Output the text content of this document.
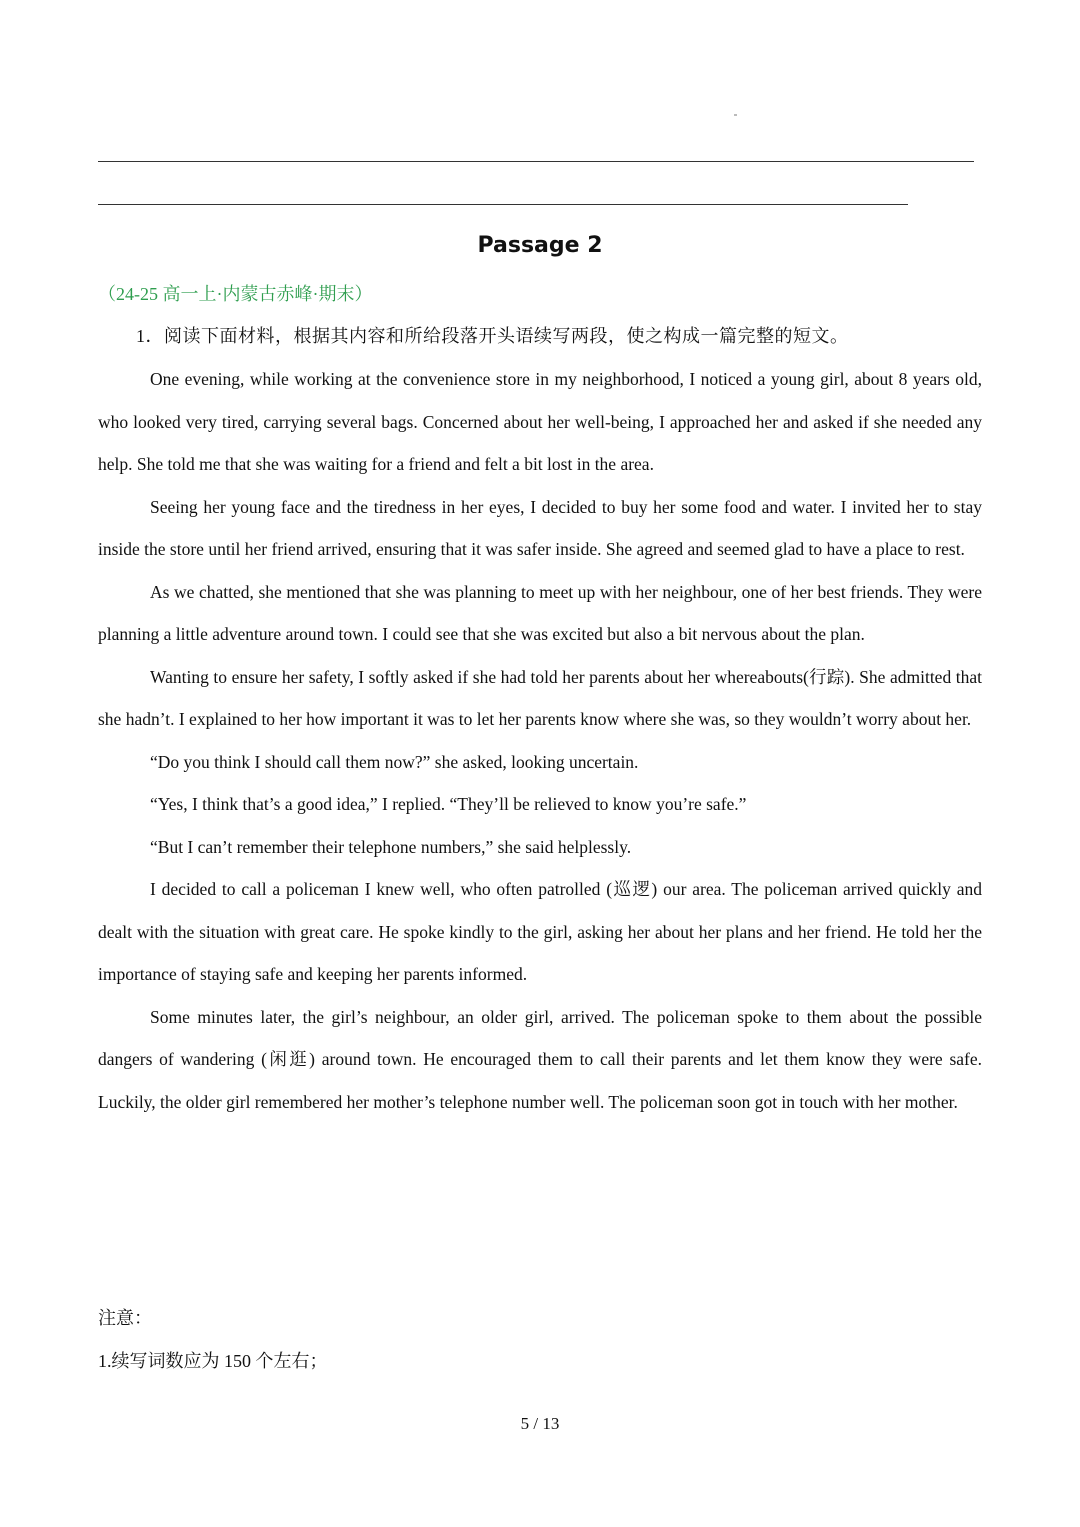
Passage 2
（24-25 高一上·内蒙古赤峰·期末）
1．阅读下面材料，根据其内容和所给段落开头语续写两段，使之构成一篇完整的短文。

One evening, while working at the convenience store in my neighborhood, I noticed a young girl, about 8 years old, who looked very tired, carrying several bags. Concerned about her well-being, I approached her and asked if she needed any help. She told me that she was waiting for a friend and felt a bit lost in the area.

Seeing her young face and the tiredness in her eyes, I decided to buy her some food and water. I invited her to stay inside the store until her friend arrived, ensuring that it was safer inside. She agreed and seemed glad to have a place to rest.

As we chatted, she mentioned that she was planning to meet up with her neighbour, one of her best friends. They were planning a little adventure around town. I could see that she was excited but also a bit nervous about the plan.

Wanting to ensure her safety, I softly asked if she had told her parents about her whereabouts(行踪). She admitted that she hadn’t. I explained to her how important it was to let her parents know where she was, so they wouldn’t worry about her.

“Do you think I should call them now?” she asked, looking uncertain.

“Yes, I think that’s a good idea,” I replied. “They’ll be relieved to know you’re safe.”

“But I can’t remember their telephone numbers,” she said helplessly.

I decided to call a policeman I knew well, who often patrolled (巡逻) our area. The policeman arrived quickly and dealt with the situation with great care. He spoke kindly to the girl, asking her about her plans and her friend. He told her the importance of staying safe and keeping her parents informed.

Some minutes later, the girl’s neighbour, an older girl, arrived. The policeman spoke to them about the possible dangers of wandering (闲逛) around town. He encouraged them to call their parents and let them know they were safe. Luckily, the older girl remembered her mother’s telephone number well. The policeman soon got in touch with her mother.

注意：

1.续写词数应为 150 个左右；

5 / 13
